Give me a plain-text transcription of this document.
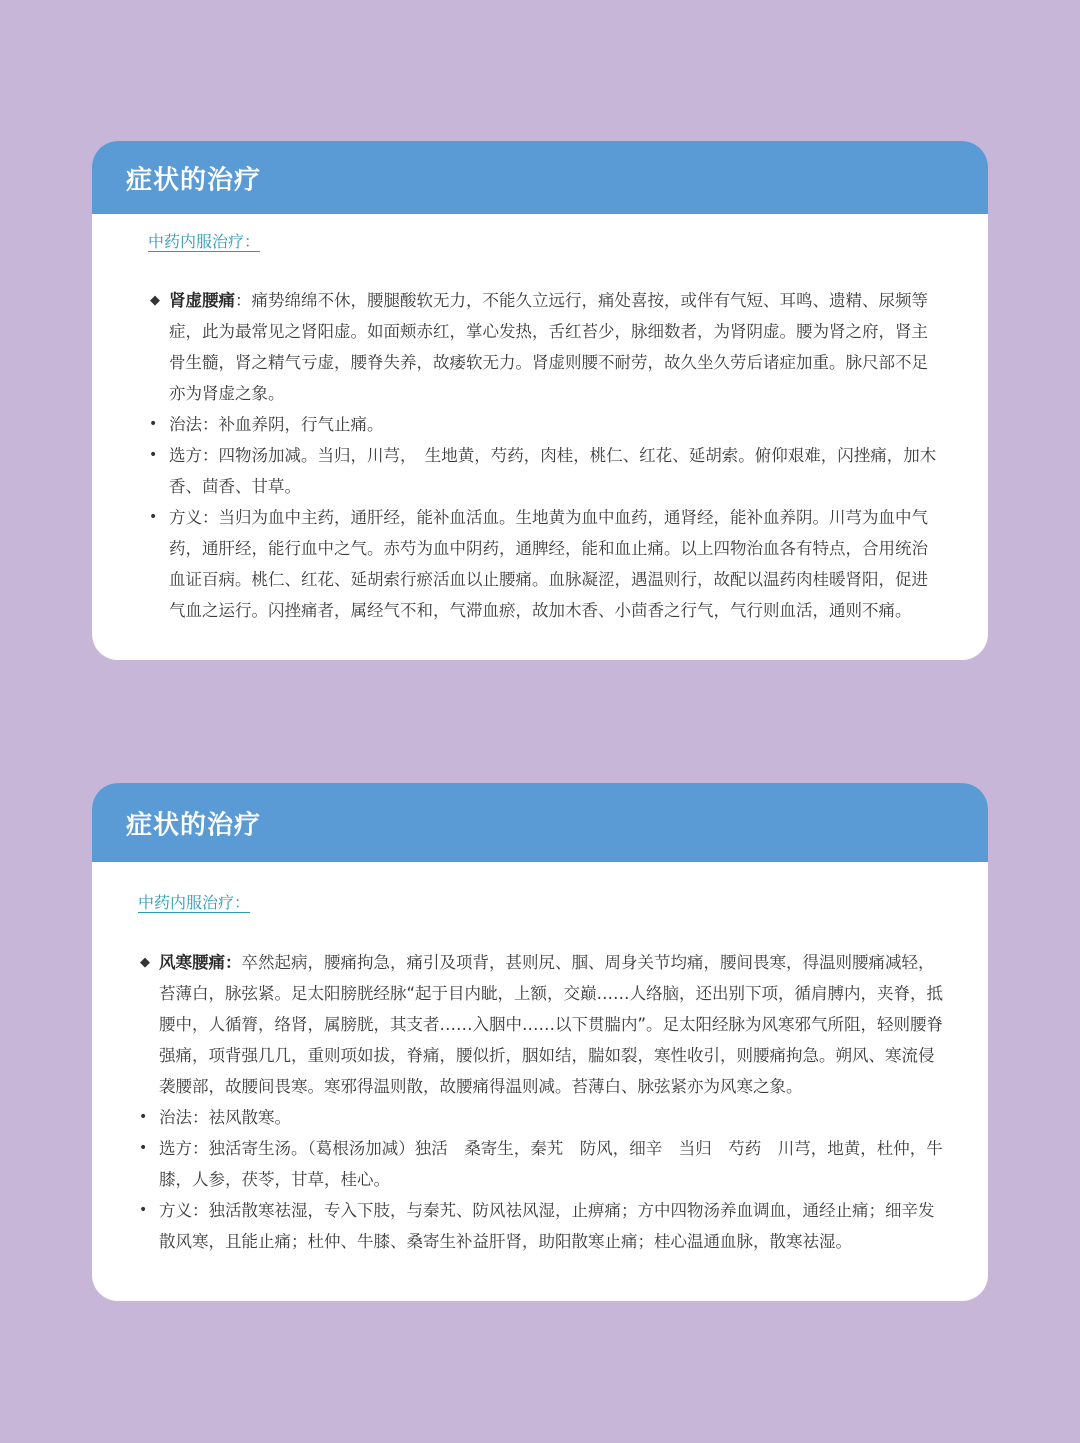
症状的治疗
中药内服治疗：
◆ 肾虚腰痛：痛势绵绵不休，腰腿酸软无力，不能久立远行，痛处喜按，或伴有气短、耳鸣、遗精、尿频等症，此为最常见之肾阳虚。如面颊赤红，掌心发热，舌红苔少，脉细数者，为肾阴虚。腰为肾之府，肾主骨生髓，肾之精气亏虚，腰脊失养，故痿软无力。肾虚则腰不耐劳，故久坐久劳后诸症加重。脉尺部不足亦为肾虚之象。
• 治法：补血养阴，行气止痛。
• 选方：四物汤加减。当归，川芎，　生地黄，芍药，肉桂，桃仁、红花、延胡索。俯仰艰难，闪挫痛，加木香、茴香、甘草。
• 方义：当归为血中主药，通肝经，能补血活血。生地黄为血中血药，通肾经，能补血养阴。川芎为血中气药，通肝经，能行血中之气。赤芍为血中阴药，通脾经，能和血止痛。以上四物治血各有特点，合用统治血证百病。桃仁、红花、延胡索行瘀活血以止腰痛。血脉凝涩，遇温则行，故配以温药肉桂暖肾阳，促进气血之运行。闪挫痛者，属经气不和，气滞血瘀，故加木香、小茴香之行气，气行则血活，通则不痛。
症状的治疗
中药内服治疗：
◆ 风寒腰痛：卒然起病，腰痛拘急，痛引及项背，甚则尻、腘、周身关节均痛，腰间畏寒，得温则腰痛减轻，苔薄白，脉弦紧。足太阳膀胱经脉“起于目内眦，上额，交巅……人络脑，还出别下项，循肩膊内，夹脊，抵腰中，人循膂，络肾，属膀胱，其支者……入胭中……以下贯腨内”。足太阳经脉为风寒邪气所阻，轻则腰脊强痛，项背强几几，重则项如拔，脊痛，腰似折，胭如结，腨如裂，寒性收引，则腰痛拘急。朔风、寒流侵袭腰部，故腰间畏寒。寒邪得温则散，故腰痛得温则减。苔薄白、脉弦紧亦为风寒之象。
• 治法：祛风散寒。
• 选方：独活寄生汤。（葛根汤加减）独活　桑寄生，秦艽　防风，细辛　当归　芍药　川芎，地黄，杜仲，牛膝，人参，茯苓，甘草，桂心。
• 方义：独活散寒祛湿，专入下肢，与秦艽、防风祛风湿，止痹痛；方中四物汤养血调血，通经止痛；细辛发散风寒，且能止痛；杜仲、牛膝、桑寄生补益肝肾，助阳散寒止痛；桂心温通血脉，散寒祛湿。
